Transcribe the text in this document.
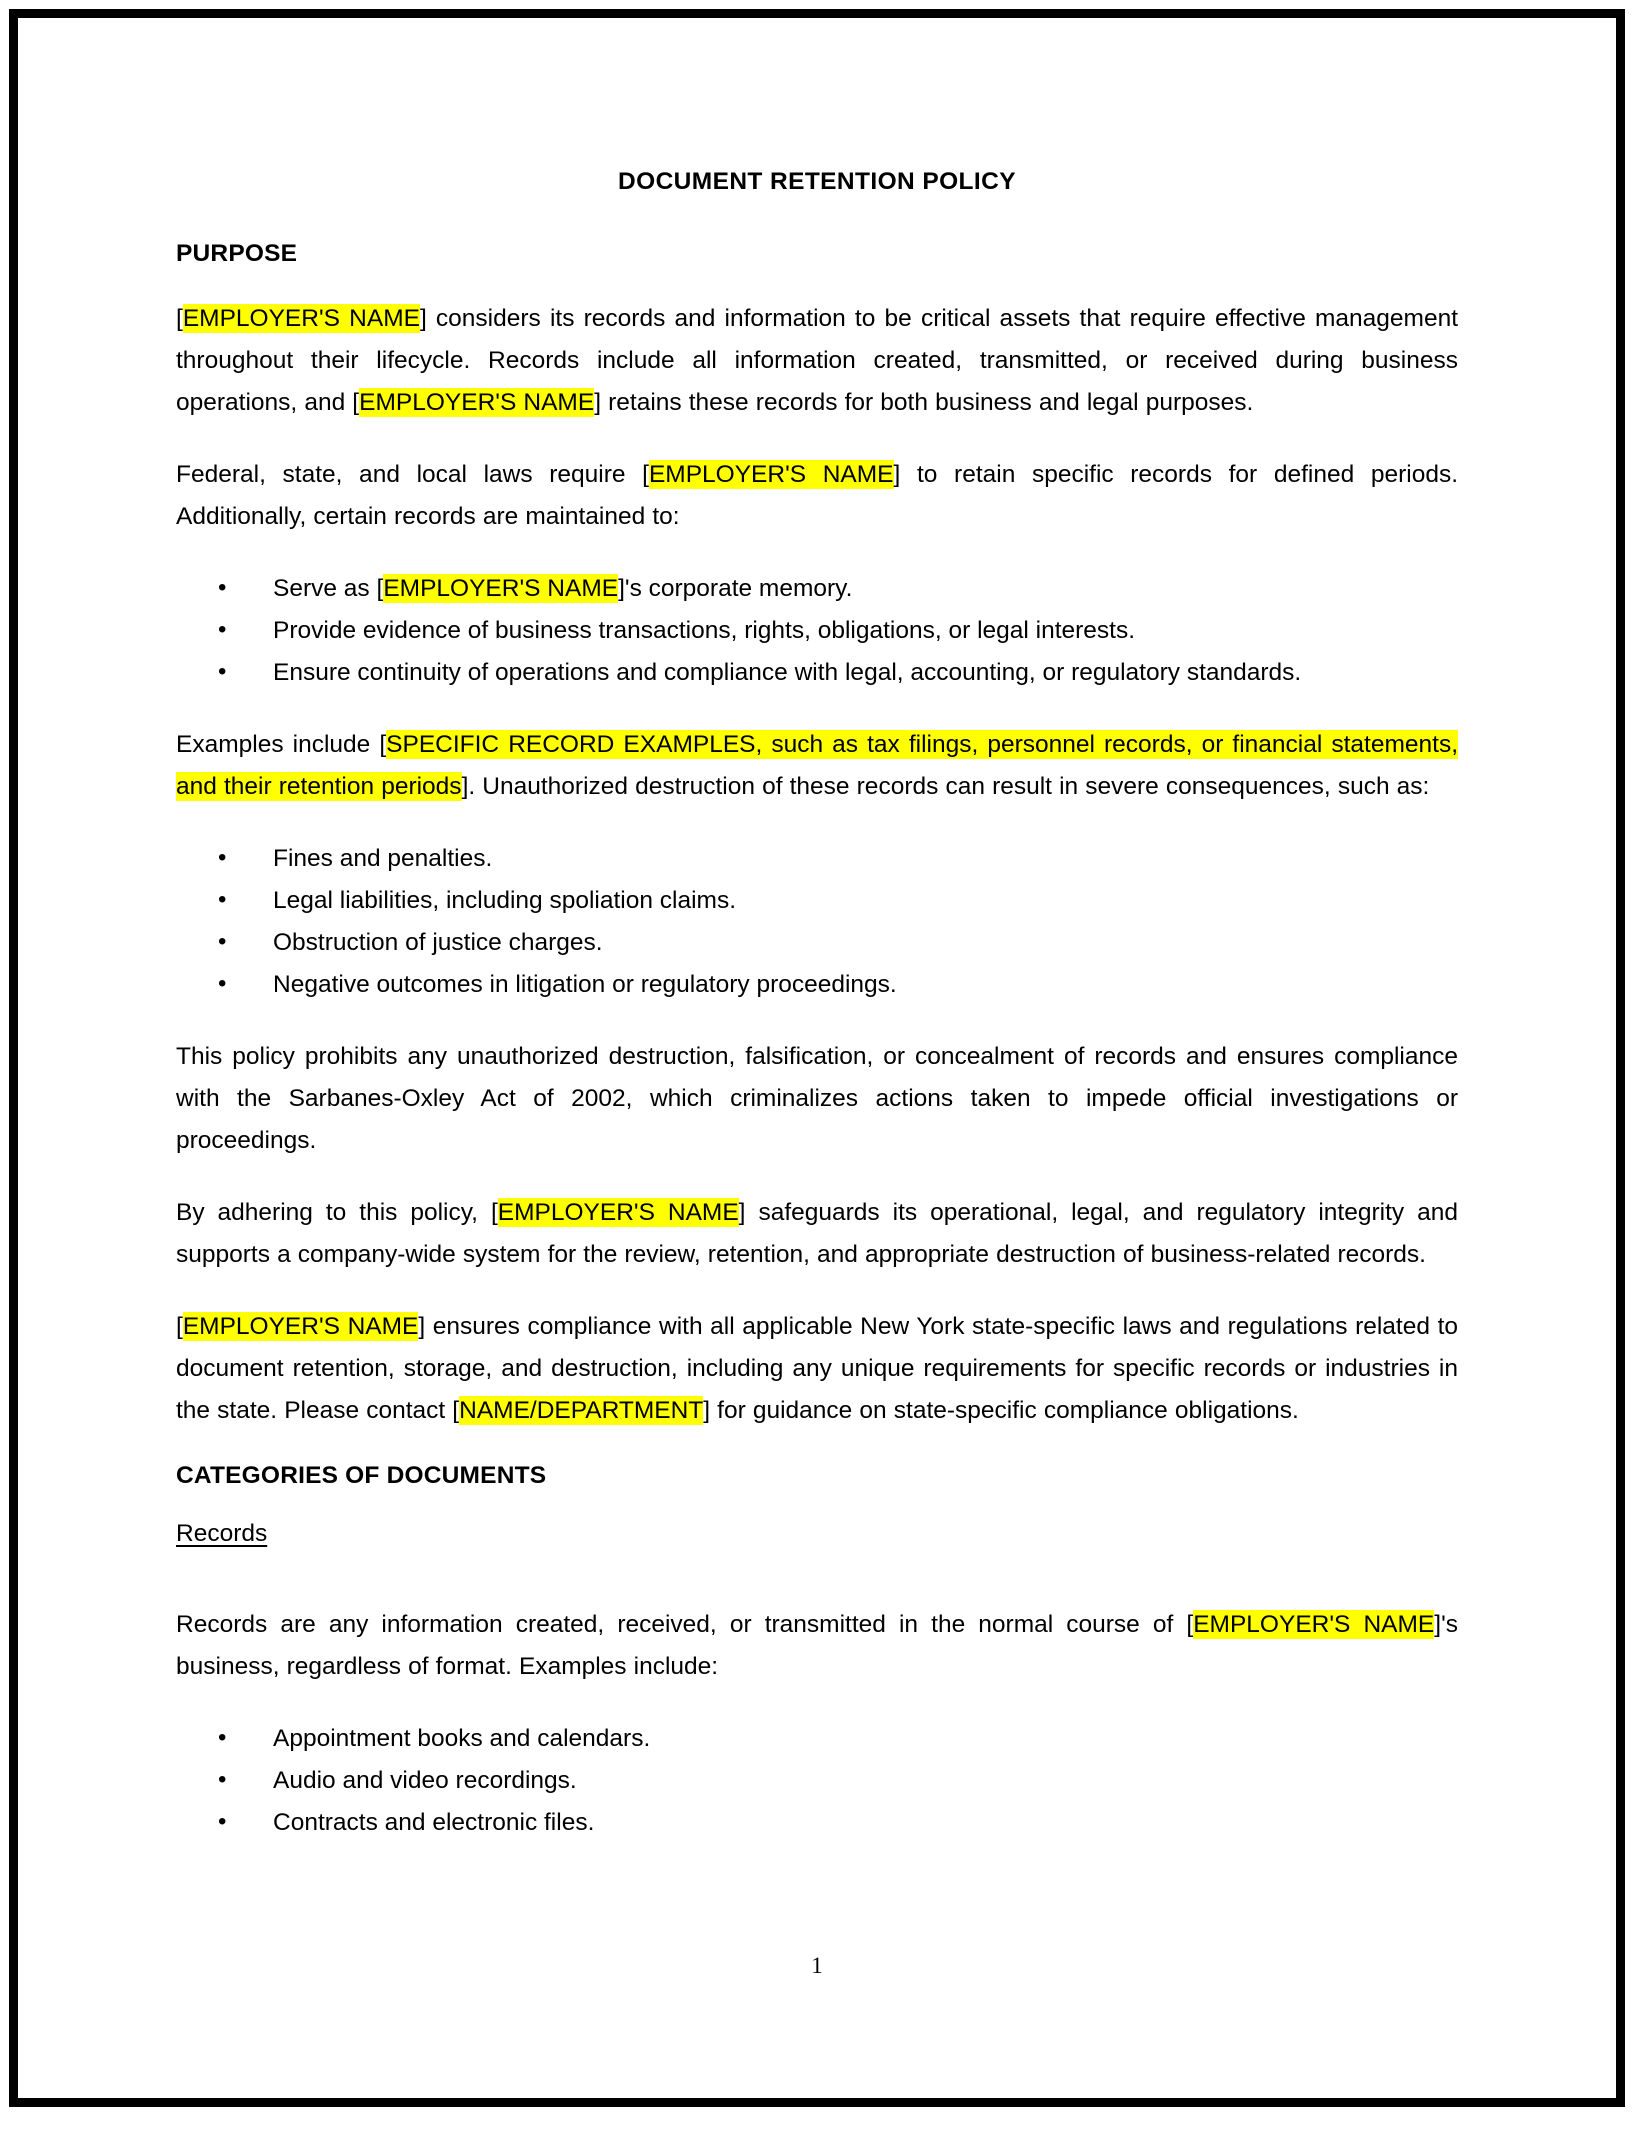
DOCUMENT RETENTION POLICY
PURPOSE

[EMPLOYER'S NAME] considers its records and information to be critical assets that require effective management throughout their lifecycle. Records include all information created, transmitted, or received during business operations, and [EMPLOYER'S NAME] retains these records for both business and legal purposes.

Federal, state, and local laws require [EMPLOYER'S NAME] to retain specific records for defined periods. Additionally, certain records are maintained to:

• Serve as [EMPLOYER'S NAME]'s corporate memory.
• Provide evidence of business transactions, rights, obligations, or legal interests.
• Ensure continuity of operations and compliance with legal, accounting, or regulatory standards.

Examples include [SPECIFIC RECORD EXAMPLES, such as tax filings, personnel records, or financial statements, and their retention periods]. Unauthorized destruction of these records can result in severe consequences, such as:

• Fines and penalties.
• Legal liabilities, including spoliation claims.
• Obstruction of justice charges.
• Negative outcomes in litigation or regulatory proceedings.

This policy prohibits any unauthorized destruction, falsification, or concealment of records and ensures compliance with the Sarbanes-Oxley Act of 2002, which criminalizes actions taken to impede official investigations or proceedings.

By adhering to this policy, [EMPLOYER'S NAME] safeguards its operational, legal, and regulatory integrity and supports a company-wide system for the review, retention, and appropriate destruction of business-related records.

[EMPLOYER'S NAME] ensures compliance with all applicable New York state-specific laws and regulations related to document retention, storage, and destruction, including any unique requirements for specific records or industries in the state. Please contact [NAME/DEPARTMENT] for guidance on state-specific compliance obligations.

CATEGORIES OF DOCUMENTS
Records

Records are any information created, received, or transmitted in the normal course of [EMPLOYER'S NAME]'s business, regardless of format. Examples include:

• Appointment books and calendars.
• Audio and video recordings.
• Contracts and electronic files.
1
